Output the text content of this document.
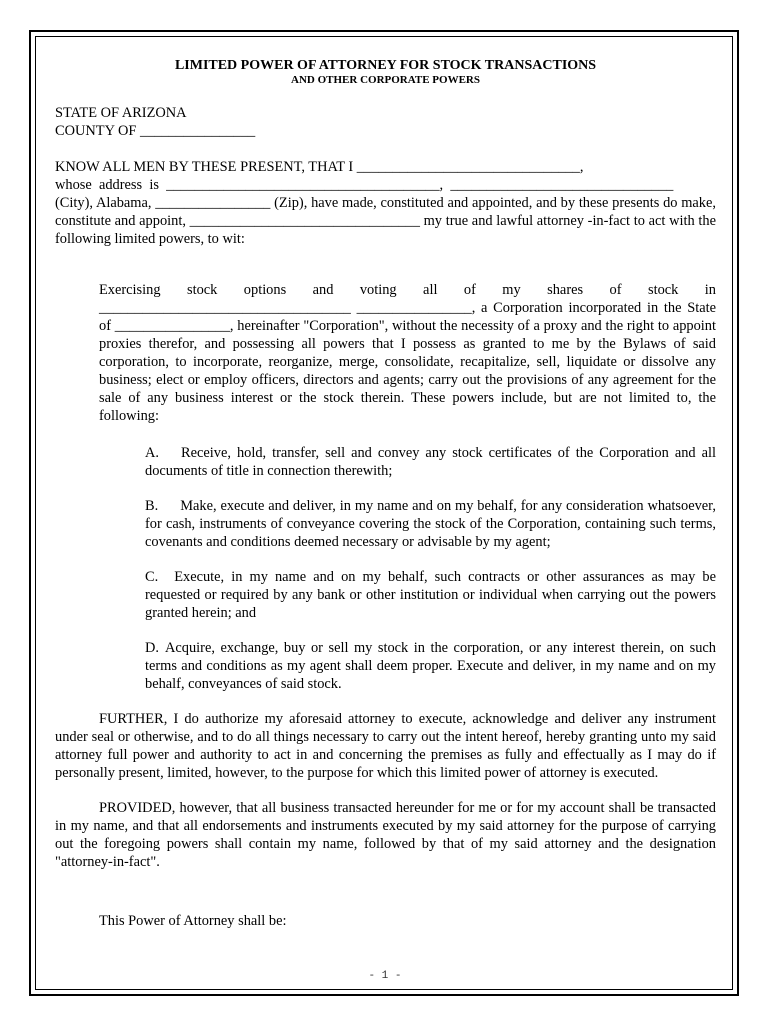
LIMITED POWER OF ATTORNEY FOR STOCK TRANSACTIONS
AND OTHER CORPORATE POWERS
STATE OF ARIZONA
COUNTY OF ________________
KNOW ALL MEN BY THESE PRESENT, THAT I _______________________________,
whose  address  is  ______________________________________,  _______________________________

(City), Alabama, ________________ (Zip), have made, constituted and appointed, and by these presents do make, constitute and appoint, ________________________________ my true and lawful attorney -in-fact to act with the following limited powers, to wit:

Exercising stock options and voting all of my shares of stock in

___________________________________ ________________, a Corporation incorporated in the State of ________________, hereinafter "Corporation", without the necessity of a proxy and the right to appoint proxies therefor, and possessing all powers that I possess as granted to me by the Bylaws of said corporation, to incorporate, reorganize, merge, consolidate, recapitalize, sell, liquidate or dissolve any business; elect or employ officers, directors and agents; carry out the provisions of any agreement for the sale of any business interest or the stock therein. These powers include, but are not limited to, the following:

A. Receive, hold, transfer, sell and convey any stock certificates of the Corporation and all documents of title in connection therewith;
B. Make, execute and deliver, in my name and on my behalf, for any consideration whatsoever, for cash, instruments of conveyance covering the stock of the Corporation, containing such terms, covenants and conditions deemed necessary or advisable by my agent;
C. Execute, in my name and on my behalf, such contracts or other assurances as may be requested or required by any bank or other institution or individual when carrying out the powers granted herein; and
D. Acquire, exchange, buy or sell my stock in the corporation, or any interest therein, on such terms and conditions as my agent shall deem proper. Execute and deliver, in my name and on my behalf, conveyances of said stock.

FURTHER, I do authorize my aforesaid attorney to execute, acknowledge and deliver any instrument under seal or otherwise, and to do all things necessary to carry out the intent hereof, hereby granting unto my said attorney full power and authority to act in and concerning the premises as fully and effectually as I may do if personally present, limited, however, to the purpose for which this limited power of attorney is executed.

PROVIDED, however, that all business transacted hereunder for me or for my account shall be transacted in my name, and that all endorsements and instruments executed by my said attorney for the purpose of carrying out the foregoing powers shall contain my name, followed by that of my said attorney and the designation "attorney-in-fact".

This Power of Attorney shall be:

- 1 -
